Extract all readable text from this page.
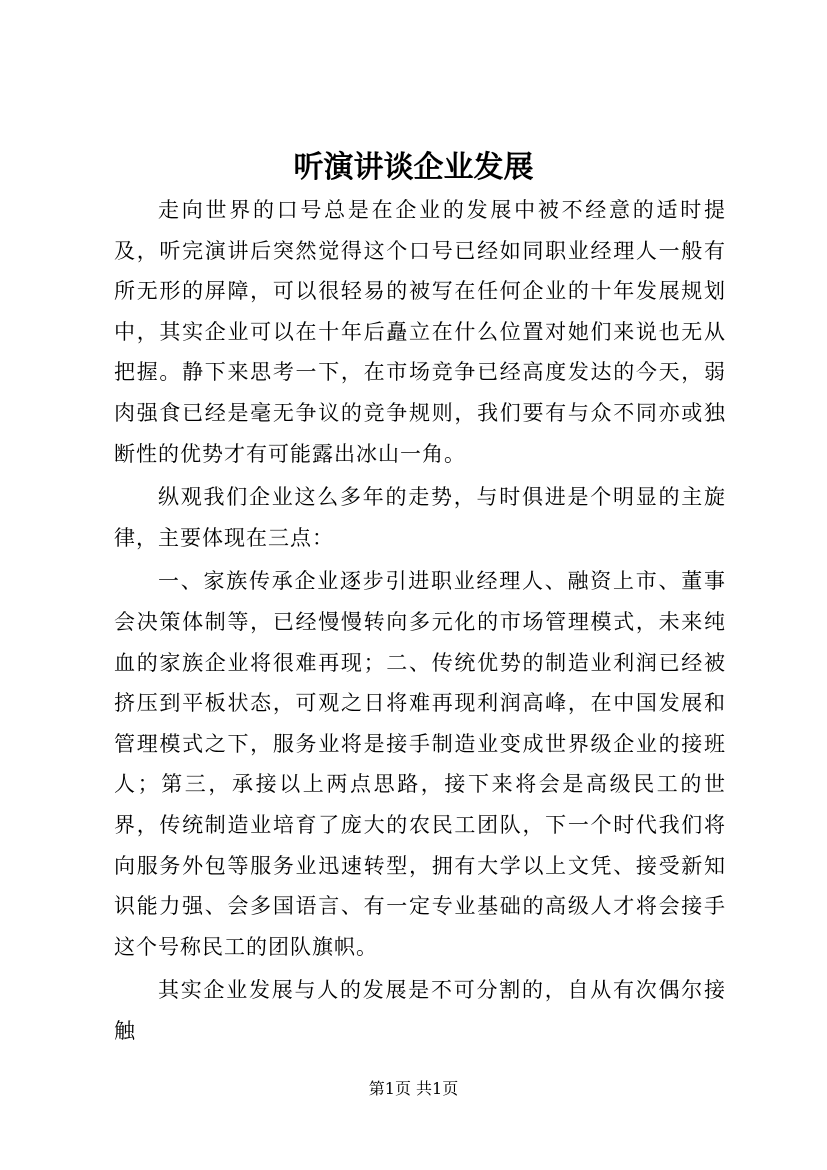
听演讲谈企业发展

走向世界的口号总是在企业的发展中被不经意的适时提及，听完演讲后突然觉得这个口号已经如同职业经理人一般有所无形的屏障，可以很轻易的被写在任何企业的十年发展规划中，其实企业可以在十年后矗立在什么位置对她们来说也无从把握。静下来思考一下，在市场竞争已经高度发达的今天，弱肉强食已经是毫无争议的竞争规则，我们要有与众不同亦或独断性的优势才有可能露出冰山一角。

纵观我们企业这么多年的走势，与时俱进是个明显的主旋律，主要体现在三点：

一、家族传承企业逐步引进职业经理人、融资上市、董事会决策体制等，已经慢慢转向多元化的市场管理模式，未来纯血的家族企业将很难再现；二、传统优势的制造业利润已经被挤压到平板状态，可观之日将难再现利润高峰，在中国发展和管理模式之下，服务业将是接手制造业变成世界级企业的接班人；第三，承接以上两点思路，接下来将会是高级民工的世界，传统制造业培育了庞大的农民工团队，下一个时代我们将向服务外包等服务业迅速转型，拥有大学以上文凭、接受新知识能力强、会多国语言、有一定专业基础的高级人才将会接手这个号称民工的团队旗帜。

其实企业发展与人的发展是不可分割的，自从有次偶尔接触

第1页 共1页
